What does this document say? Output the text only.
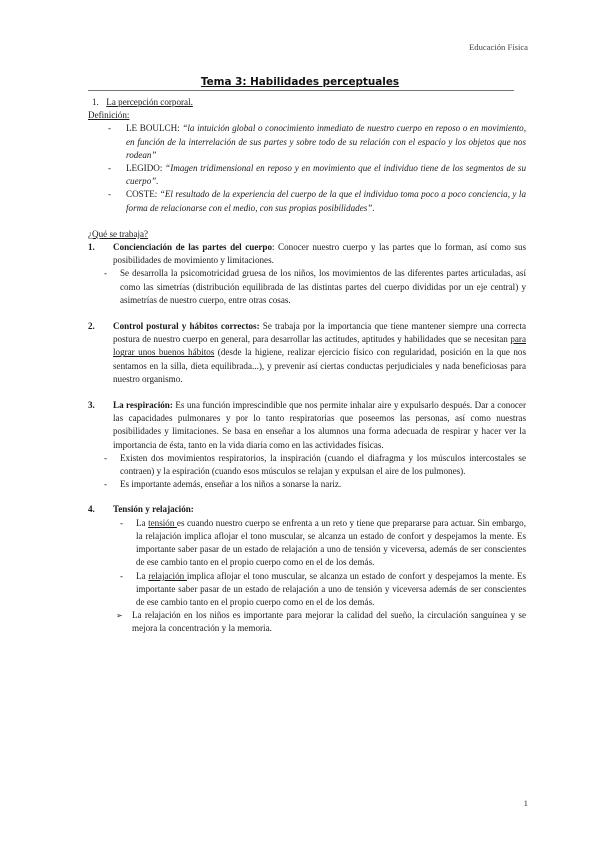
Educación Física
Tema 3: Habilidades perceptuales
1. La percepción corporal.
Definición:
- LE BOULCH: “la intuición global o conocimiento inmediato de nuestro cuerpo en reposo o en movimiento, en función de la interrelación de sus partes y sobre todo de su relación con el espacio y los objetos que nos rodean”
- LEGIDO: “Imagen tridimensional en reposo y en movimiento que el individuo tiene de los segmentos de su cuerpo”.
- COSTE: “El resultado de la experiencia del cuerpo de la que el individuo toma poco a poco conciencia, y la forma de relacionarse con el medio, con sus propias posibilidades”.
¿Qué se trabaja?
1. Concienciación de las partes del cuerpo: Conocer nuestro cuerpo y las partes que lo forman, así como sus posibilidades de movimiento y limitaciones.
- Se desarrolla la psicomotricidad gruesa de los niños, los movimientos de las diferentes partes articuladas, así como las simetrías (distribución equilibrada de las distintas partes del cuerpo divididas por un eje central) y asimetrías de nuestro cuerpo, entre otras cosas.
2. Control postural y hábitos correctos: Se trabaja por la importancia que tiene mantener siempre una correcta postura de nuestro cuerpo en general, para desarrollar las actitudes, aptitudes y habilidades que se necesitan para lograr unos buenos hábitos (desde la higiene, realizar ejercicio físico con regularidad, posición en la que nos sentamos en la silla, dieta equilibrada...), y prevenir así ciertas conductas perjudiciales y nada beneficiosas para nuestro organismo.
3. La respiración: Es una función imprescindible que nos permite inhalar aire y expulsarlo después. Dar a conocer las capacidades pulmonares y por lo tanto respiratorias que poseemos las personas, así como nuestras posibilidades y limitaciones. Se basa en enseñar a los alumnos una forma adecuada de respirar y hacer ver la importancia de ésta, tanto en la vida diaria como en las actividades físicas.
- Existen dos movimientos respiratorios, la inspiración (cuando el diafragma y los músculos intercostales se contraen) y la espiración (cuando esos músculos se relajan y expulsan el aire de los pulmones).
- Es importante además, enseñar a los niños a sonarse la nariz.
4. Tensión y relajación:
- La tensión es cuando nuestro cuerpo se enfrenta a un reto y tiene que prepararse para actuar. Sin embargo, la relajación implica aflojar el tono muscular, se alcanza un estado de confort y despejamos la mente. Es importante saber pasar de un estado de relajación a uno de tensión y viceversa, además de ser conscientes de ese cambio tanto en el propio cuerpo como en el de los demás.
- La relajación implica aflojar el tono muscular, se alcanza un estado de confort y despejamos la mente. Es importante saber pasar de un estado de relajación a uno de tensión y viceversa además de ser conscientes de ese cambio tanto en el propio cuerpo como en el de los demás.
➢ La relajación en los niños es importante para mejorar la calidad del sueño, la circulación sanguínea y se mejora la concentración y la memoria.
1
